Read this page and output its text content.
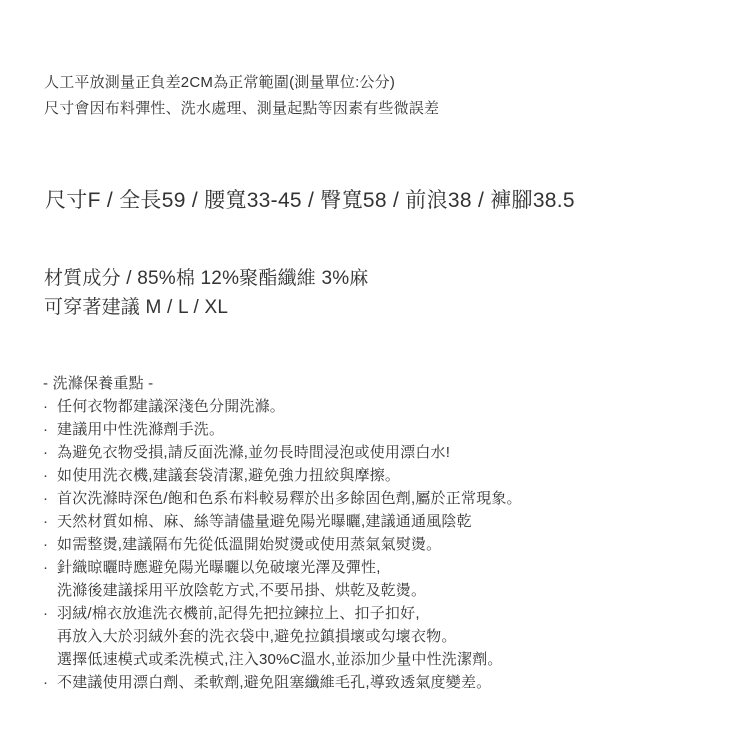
人工平放測量正負差2CM為正常範圍(測量單位:公分)
尺寸會因布料彈性、洗水處理、測量起點等因素有些微誤差
尺寸F / 全長59 / 腰寬33-45 / 臀寬58 / 前浪38 / 褲腳38.5
材質成分 / 85%棉 12%聚酯纖維 3%麻
可穿著建議 M / L / XL
- 洗滌保養重點 -
· 任何衣物都建議深淺色分開洗滌。
· 建議用中性洗滌劑手洗。
· 為避免衣物受損,請反面洗滌,並勿長時間浸泡或使用漂白水!
· 如使用洗衣機,建議套袋清潔,避免強力扭絞與摩擦。
· 首次洗滌時深色/飽和色系布料較易釋於出多餘固色劑,屬於正常現象。
· 天然材質如棉、麻、絲等請儘量避免陽光曝曬,建議通通風陰乾
· 如需整燙,建議隔布先從低溫開始熨燙或使用蒸氣氣熨燙。
· 針織晾曬時應避免陽光曝曬以免破壞光澤及彈性,
洗滌後建議採用平放陰乾方式,不要吊掛、烘乾及乾燙。
· 羽絨/棉衣放進洗衣機前,記得先把拉鍊拉上、扣子扣好,
再放入大於羽絨外套的洗衣袋中,避免拉鎮損壞或勾壞衣物。
選擇低速模式或柔洗模式,注入30%C溫水,並添加少量中性洗潔劑。
· 不建議使用漂白劑、柔軟劑,避免阻塞纖維毛孔,導致透氣度變差。
